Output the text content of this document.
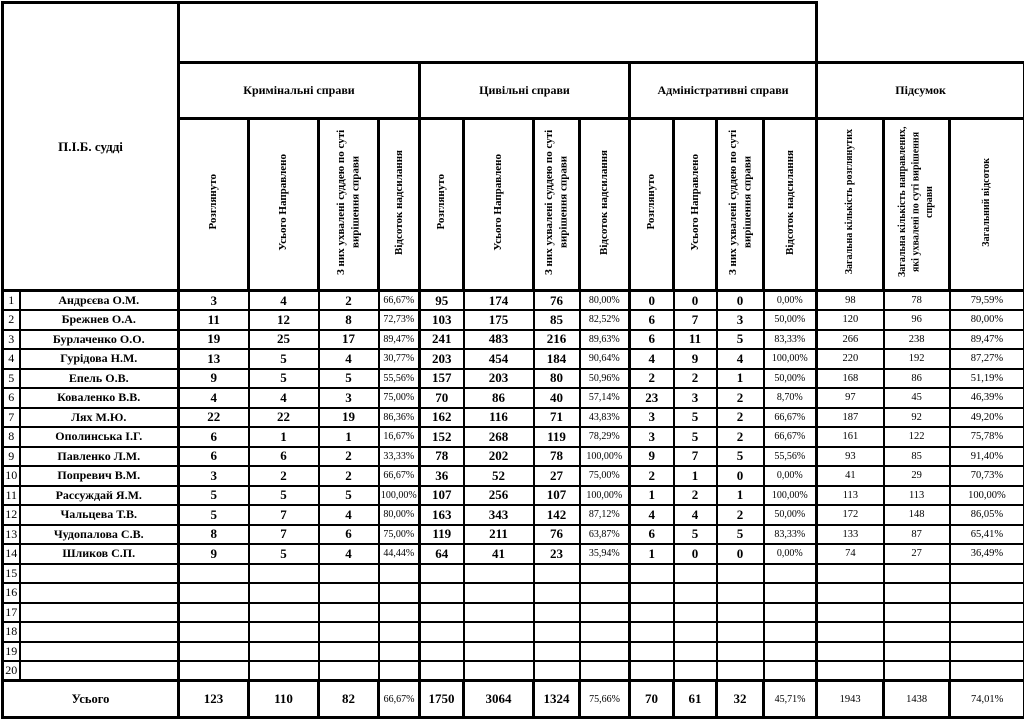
П.І.Б. судді																
		Кримінальні справи				Цивільні справи				Адміністративні справи				Підсумок		
		Розглянуто	Усього Направлено	З них ухвалені суддею по суті вирішення справи	Відсоток надсилання	Розглянуто	Усього Направлено	З них ухвалені суддею по суті вирішення справи	Відсоток надсилання	Розглянуто	Усього Направлено	З них ухвалені суддею по суті вирішення справи	Відсоток надсилання	Загальна кількість розглянутих	Загальна кількість направлених, які ухвалені по суті вирішення справи	Загальний відсоток
1	Андрєєва О.М.	3	4	2	66,67%	95	174	76	80,00%	0	0	0	0,00%	98	78	79,59%
2	Брежнев О.А.	11	12	8	72,73%	103	175	85	82,52%	6	7	3	50,00%	120	96	80,00%
3	Бурлаченко О.О.	19	25	17	89,47%	241	483	216	89,63%	6	11	5	83,33%	266	238	89,47%
4	Гурідова Н.М.	13	5	4	30,77%	203	454	184	90,64%	4	9	4	100,00%	220	192	87,27%
5	Епель О.В.	9	5	5	55,56%	157	203	80	50,96%	2	2	1	50,00%	168	86	51,19%
6	Коваленко В.В.	4	4	3	75,00%	70	86	40	57,14%	23	3	2	8,70%	97	45	46,39%
7	Лях М.Ю.	22	22	19	86,36%	162	116	71	43,83%	3	5	2	66,67%	187	92	49,20%
8	Ополинська І.Г.	6	1	1	16,67%	152	268	119	78,29%	3	5	2	66,67%	161	122	75,78%
9	Павленко Л.М.	6	6	2	33,33%	78	202	78	100,00%	9	7	5	55,56%	93	85	91,40%
10	Попревич В.М.	3	2	2	66,67%	36	52	27	75,00%	2	1	0	0,00%	41	29	70,73%
11	Рассуждай Я.М.	5	5	5	100,00%	107	256	107	100,00%	1	2	1	100,00%	113	113	100,00%
12	Чальцева Т.В.	5	7	4	80,00%	163	343	142	87,12%	4	4	2	50,00%	172	148	86,05%
13	Чудопалова С.В.	8	7	6	75,00%	119	211	76	63,87%	6	5	5	83,33%	133	87	65,41%
14	Шликов С.П.	9	5	4	44,44%	64	41	23	35,94%	1	0	0	0,00%	74	27	36,49%
15																
16																
17																
18																
19																
20																
Усього		123	110	82	66,67%	1750	3064	1324	75,66%	70	61	32	45,71%	1943	1438	74,01%
